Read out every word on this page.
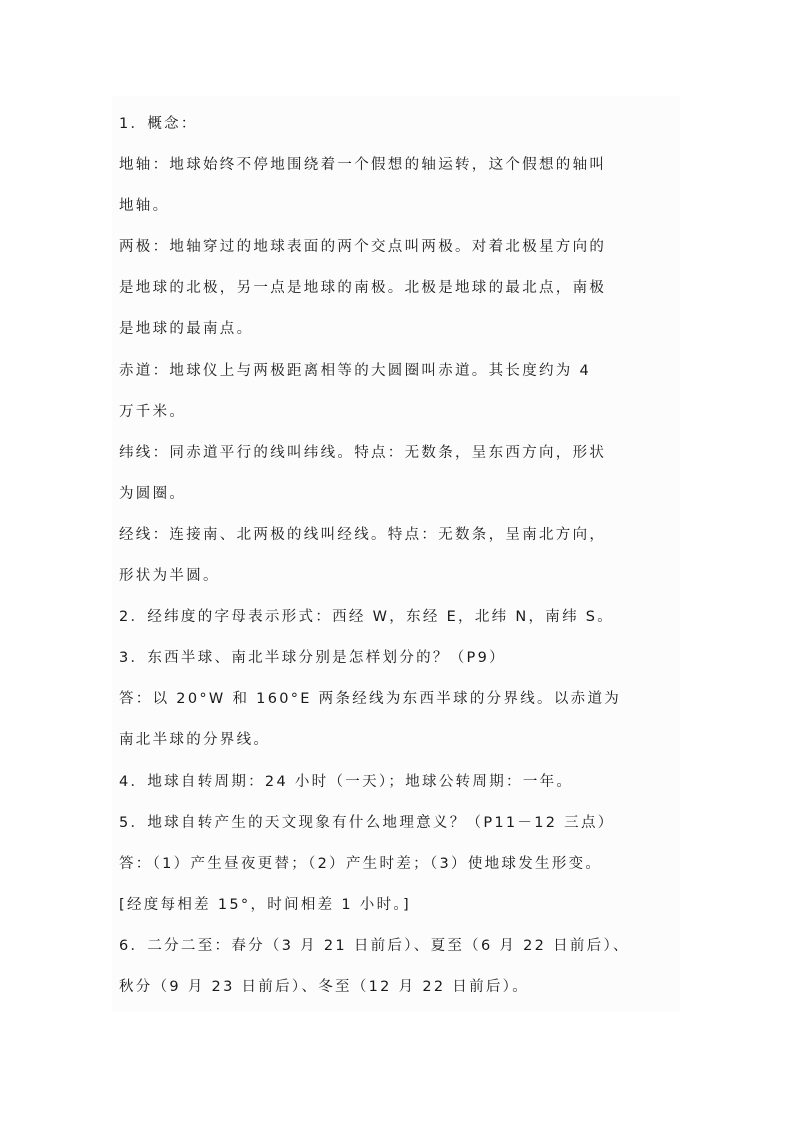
1．概念：
地轴：地球始终不停地围绕着一个假想的轴运转，这个假想的轴叫
地轴。
两极：地轴穿过的地球表面的两个交点叫两极。对着北极星方向的
是地球的北极，另一点是地球的南极。北极是地球的最北点，南极
是地球的最南点。
赤道：地球仪上与两极距离相等的大圆圈叫赤道。其长度约为 4
万千米。
纬线：同赤道平行的线叫纬线。特点：无数条，呈东西方向，形状
为圆圈。
经线：连接南、北两极的线叫经线。特点：无数条，呈南北方向，
形状为半圆。
2．经纬度的字母表示形式：西经 W，东经 E，北纬 N，南纬 S。
3．东西半球、南北半球分别是怎样划分的？（P9）
答：以 20°W 和 160°E 两条经线为东西半球的分界线。以赤道为
南北半球的分界线。
4．地球自转周期：24 小时（一天）；地球公转周期：一年。
5．地球自转产生的天文现象有什么地理意义？（P11－12 三点）
答：（1）产生昼夜更替；（2）产生时差；（3）使地球发生形变。
[经度每相差 15°，时间相差 1 小时。]
6．二分二至：春分（3 月 21 日前后）、夏至（6 月 22 日前后）、
秋分（9 月 23 日前后）、冬至（12 月 22 日前后）。
